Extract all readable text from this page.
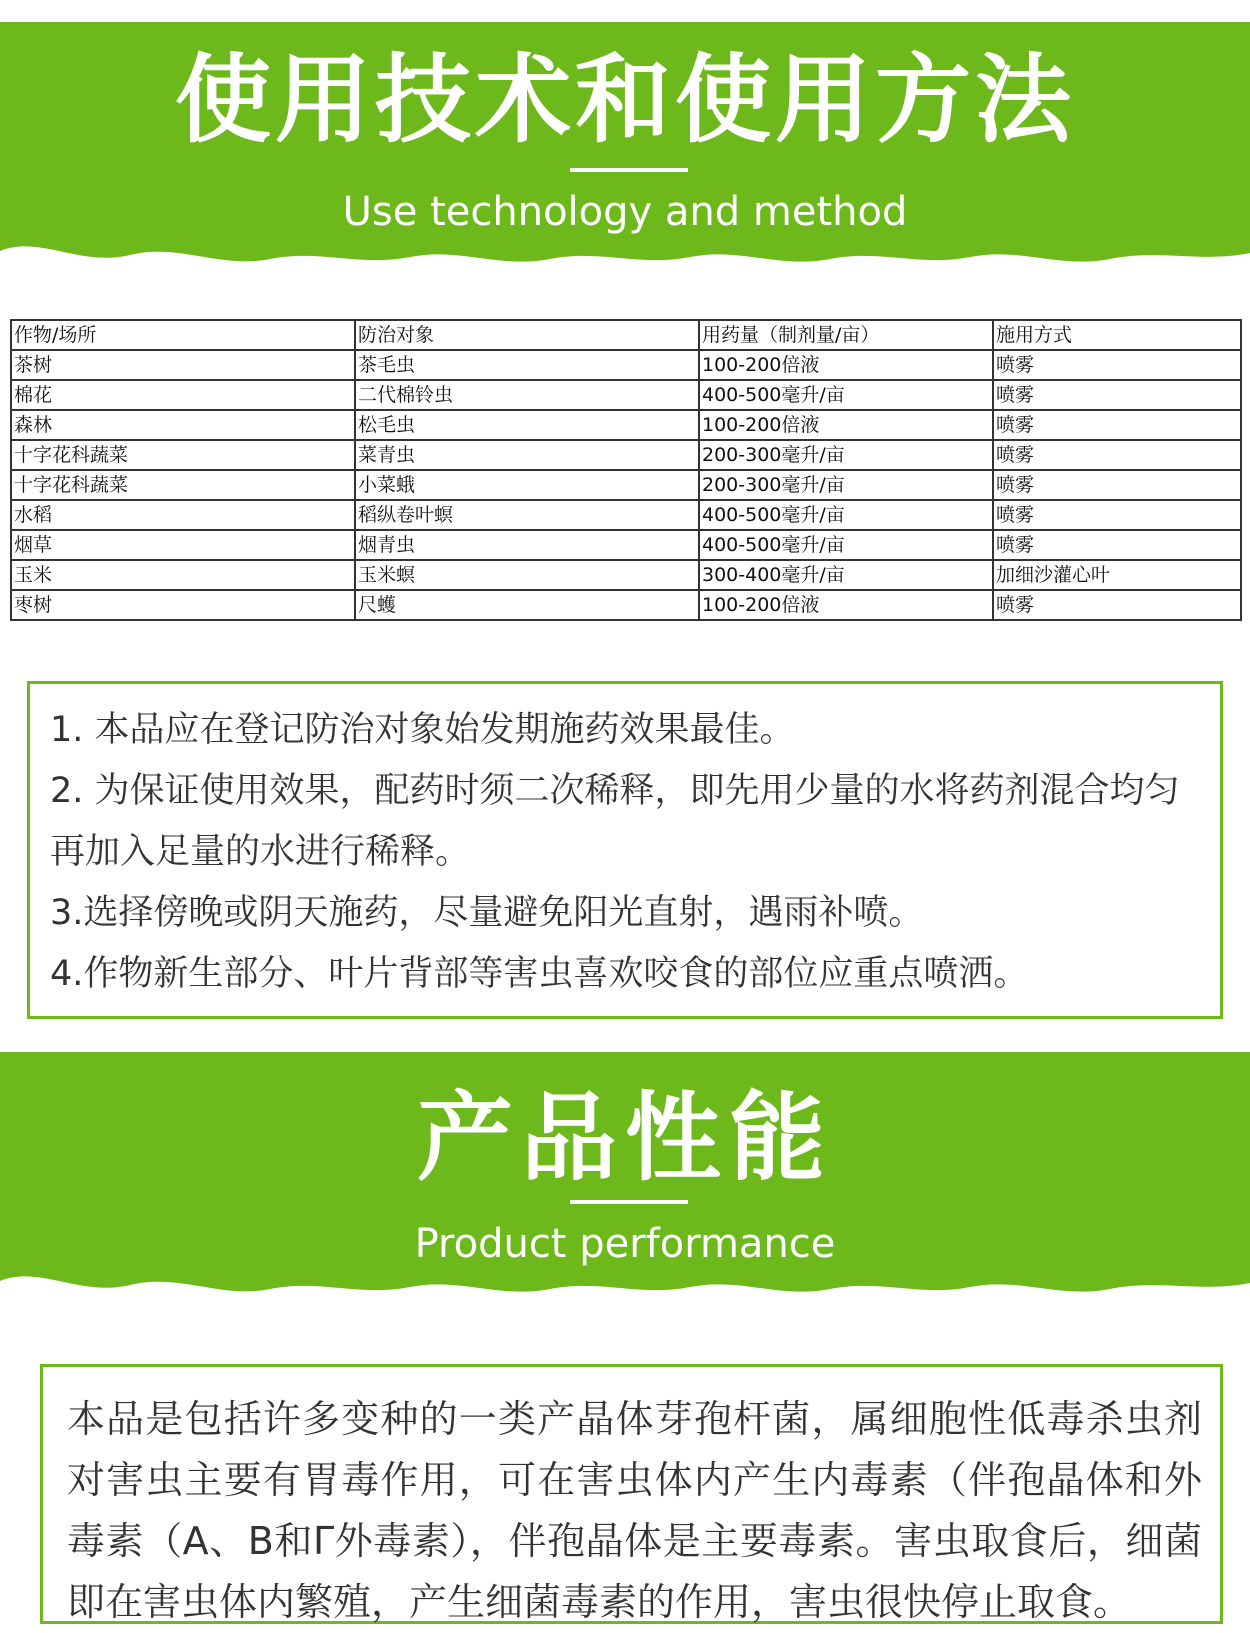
使用技术和使用方法
Use technology and method
作物/场所	防治对象	用药量（制剂量/亩）	施用方式
茶树	茶毛虫	100-200倍液	喷雾
棉花	二代棉铃虫	400-500毫升/亩	喷雾
森林	松毛虫	100-200倍液	喷雾
十字花科蔬菜	菜青虫	200-300毫升/亩	喷雾
十字花科蔬菜	小菜蛾	200-300毫升/亩	喷雾
水稻	稻纵卷叶螟	400-500毫升/亩	喷雾
烟草	烟青虫	400-500毫升/亩	喷雾
玉米	玉米螟	300-400毫升/亩	加细沙灌心叶
枣树	尺蠖	100-200倍液	喷雾

1. 本品应在登记防治对象始发期施药效果最佳。

2. 为保证使用效果，配药时须二次稀释，即先用少量的水将药剂混合均匀再加入足量的水进行稀释。

3.选择傍晚或阴天施药，尽量避免阳光直射，遇雨补喷。

4.作物新生部分、叶片背部等害虫喜欢咬食的部位应重点喷洒。

产品性能
Product performance

本品是包括许多变种的一类产晶体芽孢杆菌，属细胞性低毒杀虫剂对害虫主要有胃毒作用，可在害虫体内产生内毒素（伴孢晶体和外毒素（A、B和Γ外毒素），伴孢晶体是主要毒素。害虫取食后，细菌即在害虫体内繁殖，产生细菌毒素的作用，害虫很快停止取食。
